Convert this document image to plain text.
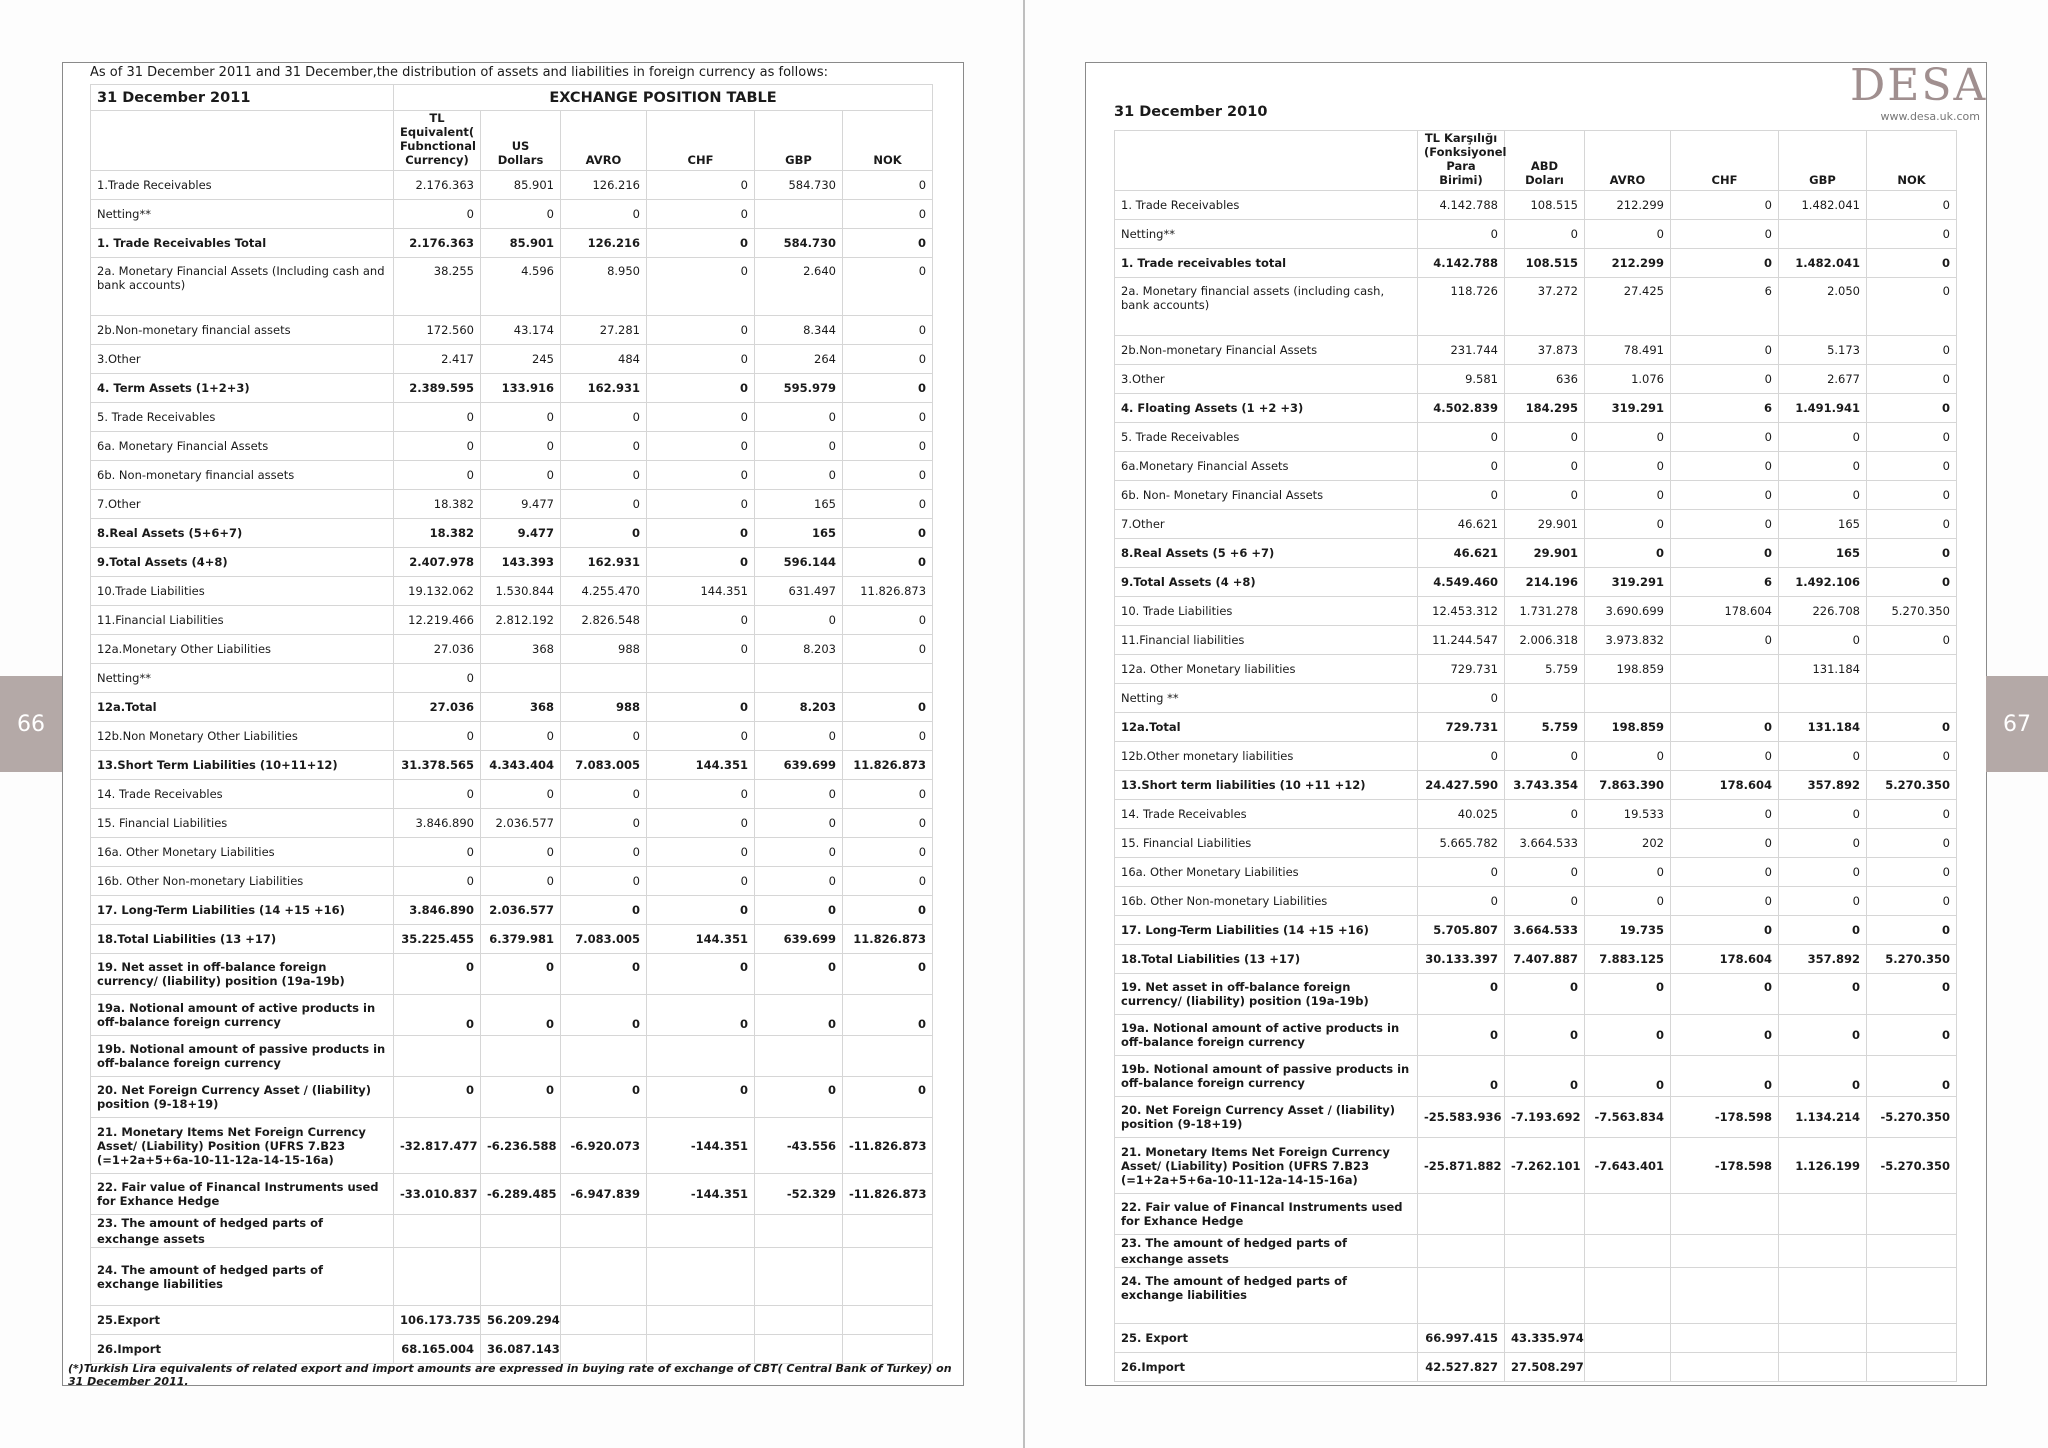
66	67
As of 31 December 2011 and 31 December,the distribution of assets and liabilities in foreign currency as follows:
31 December 2011	EXCHANGE POSITION TABLE					
	TL Equivalent( Fubnctional Currency)	US Dollars	AVRO	CHF	GBP	NOK
1.Trade Receivables	2.176.363	85.901	126.216	0	584.730	0
Netting**	0	0	0	0		0
1. Trade Receivables Total	2.176.363	85.901	126.216	0	584.730	0
2a. Monetary Financial Assets (Including cash and bank accounts)	38.255	4.596	8.950	0	2.640	0
2b.Non-monetary financial assets	172.560	43.174	27.281	0	8.344	0
3.Other	2.417	245	484	0	264	0
4. Term Assets (1+2+3)	2.389.595	133.916	162.931	0	595.979	0
5. Trade Receivables	0	0	0	0	0	0
6a. Monetary Financial Assets	0	0	0	0	0	0
6b. Non-monetary financial assets	0	0	0	0	0	0
7.Other	18.382	9.477	0	0	165	0
8.Real Assets (5+6+7)	18.382	9.477	0	0	165	0
9.Total Assets (4+8)	2.407.978	143.393	162.931	0	596.144	0
10.Trade Liabilities	19.132.062	1.530.844	4.255.470	144.351	631.497	11.826.873
11.Financial Liabilities	12.219.466	2.812.192	2.826.548	0	0	0
12a.Monetary Other Liabilities	27.036	368	988	0	8.203	0
Netting**	0					
12a.Total	27.036	368	988	0	8.203	0
12b.Non Monetary Other Liabilities	0	0	0	0	0	0
13.Short Term Liabilities (10+11+12)	31.378.565	4.343.404	7.083.005	144.351	639.699	11.826.873
14. Trade Receivables	0	0	0	0	0	0
15. Financial Liabilities	3.846.890	2.036.577	0	0	0	0
16a. Other Monetary Liabilities	0	0	0	0	0	0
16b. Other Non-monetary Liabilities	0	0	0	0	0	0
17. Long-Term Liabilities (14 +15 +16)	3.846.890	2.036.577	0	0	0	0
18.Total Liabilities (13 +17)	35.225.455	6.379.981	7.083.005	144.351	639.699	11.826.873
19. Net asset in off-balance foreign currency/ (liability) position (19a-19b)	0	0	0	0	0	0
19a. Notional amount of active products in off-balance foreign currency	0	0	0	0	0	0
19b. Notional amount of passive products in off-balance foreign currency						
20. Net Foreign Currency Asset / (liability) position (9-18+19)	0	0	0	0	0	0
21. Monetary Items Net Foreign Currency Asset/ (Liability) Position (UFRS 7.B23 (=1+2a+5+6a-10-11-12a-14-15-16a)	-32.817.477	-6.236.588	-6.920.073	-144.351	-43.556	-11.826.873
22. Fair value of Financal Instruments used for Exhance Hedge	-33.010.837	-6.289.485	-6.947.839	-144.351	-52.329	-11.826.873
23. The amount of hedged parts of exchange assets						
24. The amount of hedged parts of exchange liabilities						
25.Export	106.173.735	56.209.294				
26.Import	68.165.004	36.087.143				
(*)Turkish Lira equivalents of related export and import amounts are expressed in buying rate of exchange of CBT( Central Bank of Turkey) on 31 December 2011.
DESA
www.desa.uk.com
31 December 2010
	TL Karşılığı (Fonksiyonel Para Birimi)	ABD Doları	AVRO	CHF	GBP	NOK
1. Trade Receivables	4.142.788	108.515	212.299	0	1.482.041	0
Netting**	0	0	0	0		0
1. Trade receivables total	4.142.788	108.515	212.299	0	1.482.041	0
2a. Monetary financial assets (including cash, bank accounts)	118.726	37.272	27.425	6	2.050	0
2b.Non-monetary Financial Assets	231.744	37.873	78.491	0	5.173	0
3.Other	9.581	636	1.076	0	2.677	0
4. Floating Assets (1 +2 +3)	4.502.839	184.295	319.291	6	1.491.941	0
5. Trade Receivables	0	0	0	0	0	0
6a.Monetary Financial Assets	0	0	0	0	0	0
6b. Non- Monetary Financial Assets	0	0	0	0	0	0
7.Other	46.621	29.901	0	0	165	0
8.Real Assets (5 +6 +7)	46.621	29.901	0	0	165	0
9.Total Assets (4 +8)	4.549.460	214.196	319.291	6	1.492.106	0
10. Trade Liabilities	12.453.312	1.731.278	3.690.699	178.604	226.708	5.270.350
11.Financial liabilities	11.244.547	2.006.318	3.973.832	0	0	0
12a. Other Monetary liabilities	729.731	5.759	198.859		131.184	
Netting **	0					
12a.Total	729.731	5.759	198.859	0	131.184	0
12b.Other monetary liabilities	0	0	0	0	0	0
13.Short term liabilities (10 +11 +12)	24.427.590	3.743.354	7.863.390	178.604	357.892	5.270.350
14. Trade Receivables	40.025	0	19.533	0	0	0
15. Financial Liabilities	5.665.782	3.664.533	202	0	0	0
16a. Other Monetary Liabilities	0	0	0	0	0	0
16b. Other Non-monetary Liabilities	0	0	0	0	0	0
17. Long-Term Liabilities (14 +15 +16)	5.705.807	3.664.533	19.735	0	0	0
18.Total Liabilities (13 +17)	30.133.397	7.407.887	7.883.125	178.604	357.892	5.270.350
19. Net asset in off-balance foreign currency/ (liability) position (19a-19b)	0	0	0	0	0	0
19a. Notional amount of active products in off-balance foreign currency	0	0	0	0	0	0
19b. Notional amount of passive products in off-balance foreign currency	0	0	0	0	0	0
20. Net Foreign Currency Asset / (liability) position (9-18+19)	-25.583.936	-7.193.692	-7.563.834	-178.598	1.134.214	-5.270.350
21. Monetary Items Net Foreign Currency Asset/ (Liability) Position (UFRS 7.B23 (=1+2a+5+6a-10-11-12a-14-15-16a)	-25.871.882	-7.262.101	-7.643.401	-178.598	1.126.199	-5.270.350
22. Fair value of Financal Instruments used for Exhance Hedge						
23. The amount of hedged parts of exchange assets						
24. The amount of hedged parts of exchange liabilities						
25. Export	66.997.415	43.335.974				
26.Import	42.527.827	27.508.297				
